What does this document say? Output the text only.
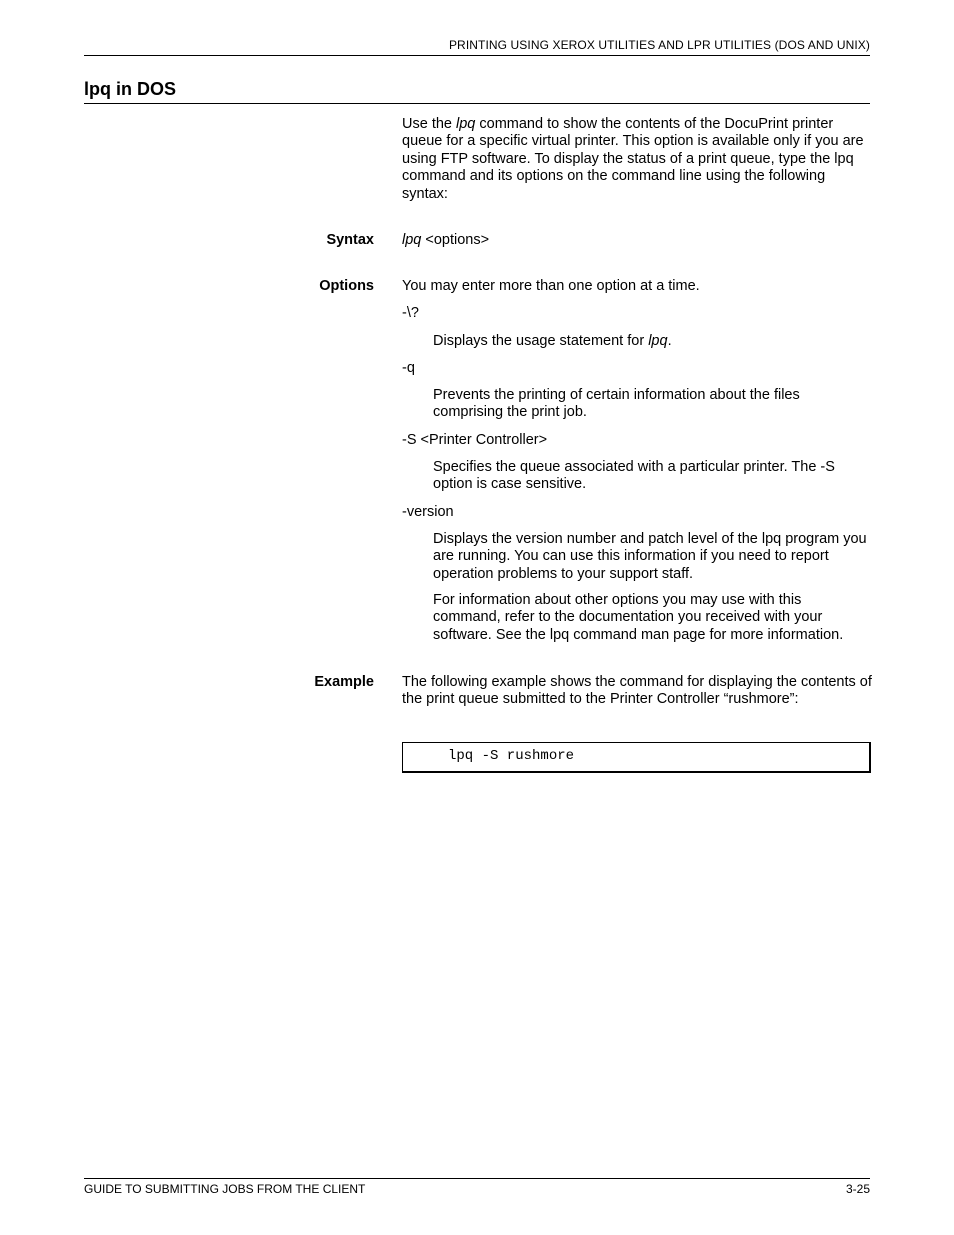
PRINTING USING XEROX UTILITIES AND LPR UTILITIES (DOS AND UNIX)
lpq in DOS

Use the lpq command to show the contents of the DocuPrint printer queue for a specific virtual printer. This option is available only if you are using FTP software. To display the status of a print queue, type the lpq command and its options on the command line using the following syntax:

Syntax lpq <options>

Options You may enter more than one option at a time.

-\?

Displays the usage statement for lpq.

-q

Prevents the printing of certain information about the files comprising the print job.

-S <Printer Controller>

Specifies the queue associated with a particular printer. The -S option is case sensitive.

-version

Displays the version number and patch level of the lpq program you are running. You can use this information if you need to report operation problems to your support staff.

For information about other options you may use with this command, refer to the documentation you received with your software. See the lpq command man page for more information.

Example The following example shows the command for displaying the contents of the print queue submitted to the Printer Controller “rushmore”:

lpq -S rushmore
GUIDE TO SUBMITTING JOBS FROM THE CLIENT	3-25
